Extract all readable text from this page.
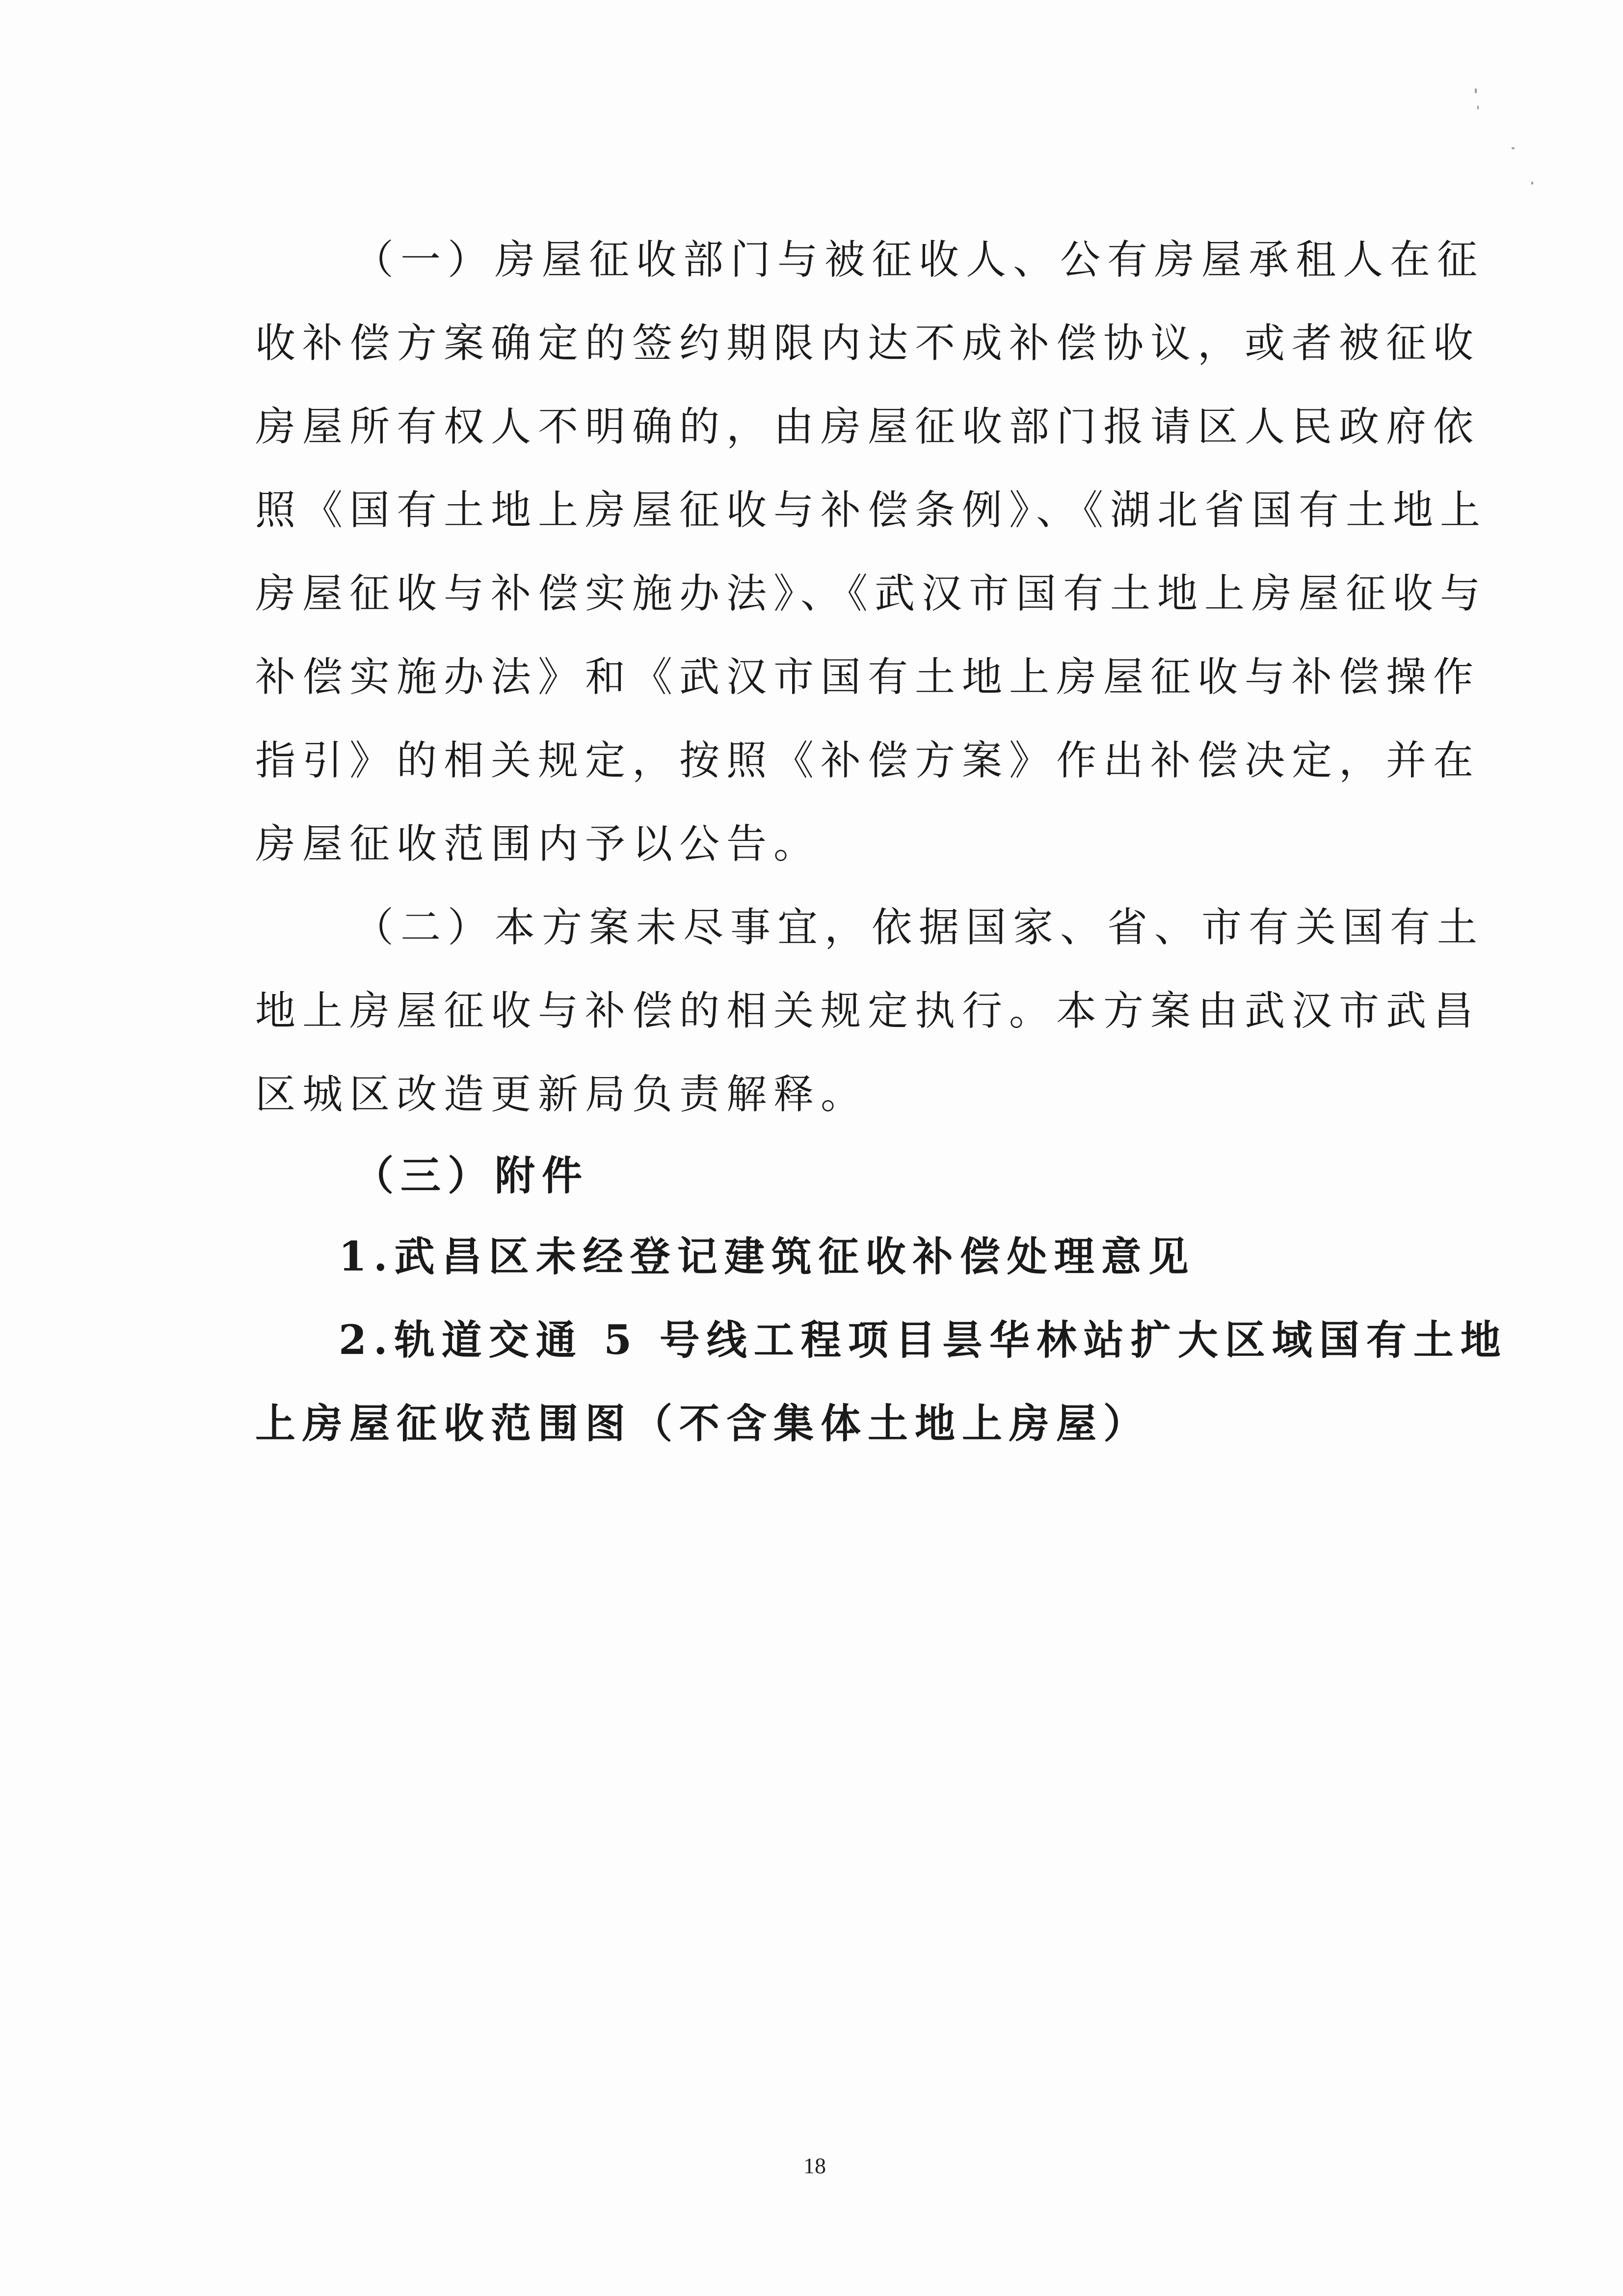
（一）房屋征收部门与被征收人、公有房屋承租人在征
收补偿方案确定的签约期限内达不成补偿协议，或者被征收
房屋所有权人不明确的，由房屋征收部门报请区人民政府依
照《国有土地上房屋征收与补偿条例》、《湖北省国有土地上
房屋征收与补偿实施办法》、《武汉市国有土地上房屋征收与
补偿实施办法》和《武汉市国有土地上房屋征收与补偿操作
指引》的相关规定，按照《补偿方案》作出补偿决定，并在
房屋征收范围内予以公告。
（二）本方案未尽事宜，依据国家、省、市有关国有土
地上房屋征收与补偿的相关规定执行。本方案由武汉市武昌
区城区改造更新局负责解释。
（三）附件
1.武昌区未经登记建筑征收补偿处理意见
2.轨道交通 5 号线工程项目昙华林站扩大区域国有土地
上房屋征收范围图（不含集体土地上房屋）
18
